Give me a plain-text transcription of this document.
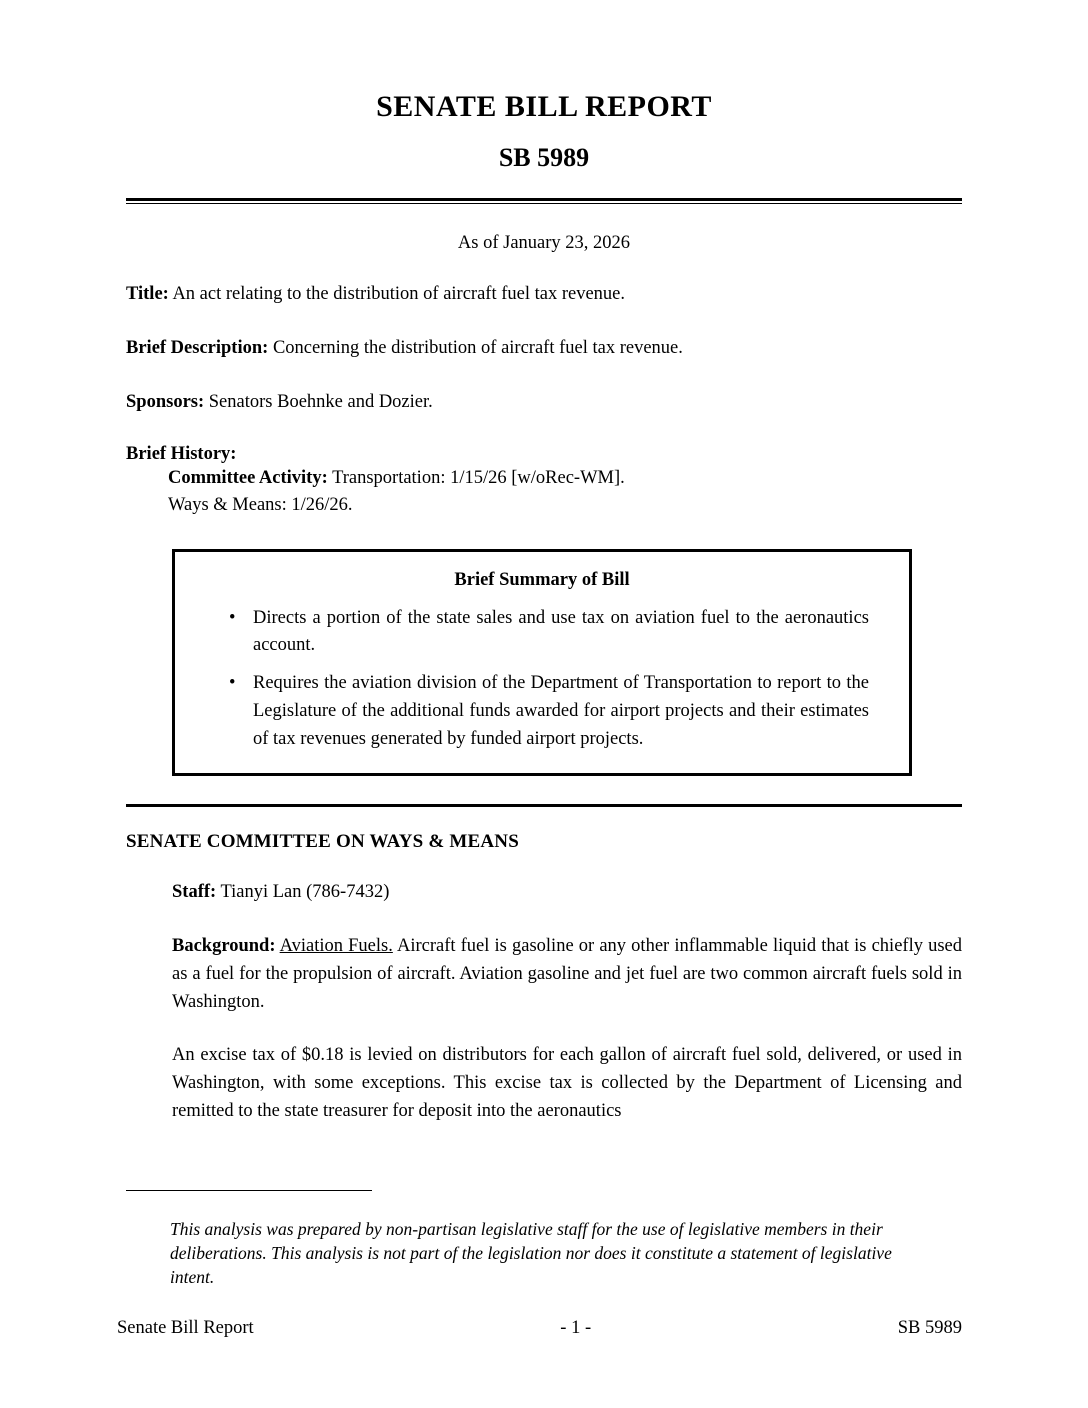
SENATE BILL REPORT
SB 5989
As of January 23, 2026
Title: An act relating to the distribution of aircraft fuel tax revenue.
Brief Description: Concerning the distribution of aircraft fuel tax revenue.
Sponsors: Senators Boehnke and Dozier.
Brief History:
Committee Activity: Transportation: 1/15/26 [w/oRec-WM].
Ways & Means: 1/26/26.
Brief Summary of Bill
• Directs a portion of the state sales and use tax on aviation fuel to the aeronautics account.
• Requires the aviation division of the Department of Transportation to report to the Legislature of the additional funds awarded for airport projects and their estimates of tax revenues generated by funded airport projects.
SENATE COMMITTEE ON WAYS & MEANS
Staff: Tianyi Lan (786-7432)
Background: Aviation Fuels. Aircraft fuel is gasoline or any other inflammable liquid that is chiefly used as a fuel for the propulsion of aircraft. Aviation gasoline and jet fuel are two common aircraft fuels sold in Washington.
An excise tax of $0.18 is levied on distributors for each gallon of aircraft fuel sold, delivered, or used in Washington, with some exceptions. This excise tax is collected by the Department of Licensing and remitted to the state treasurer for deposit into the aeronautics
This analysis was prepared by non-partisan legislative staff for the use of legislative members in their deliberations. This analysis is not part of the legislation nor does it constitute a statement of legislative intent.
Senate Bill Report	- 1 -	SB 5989
